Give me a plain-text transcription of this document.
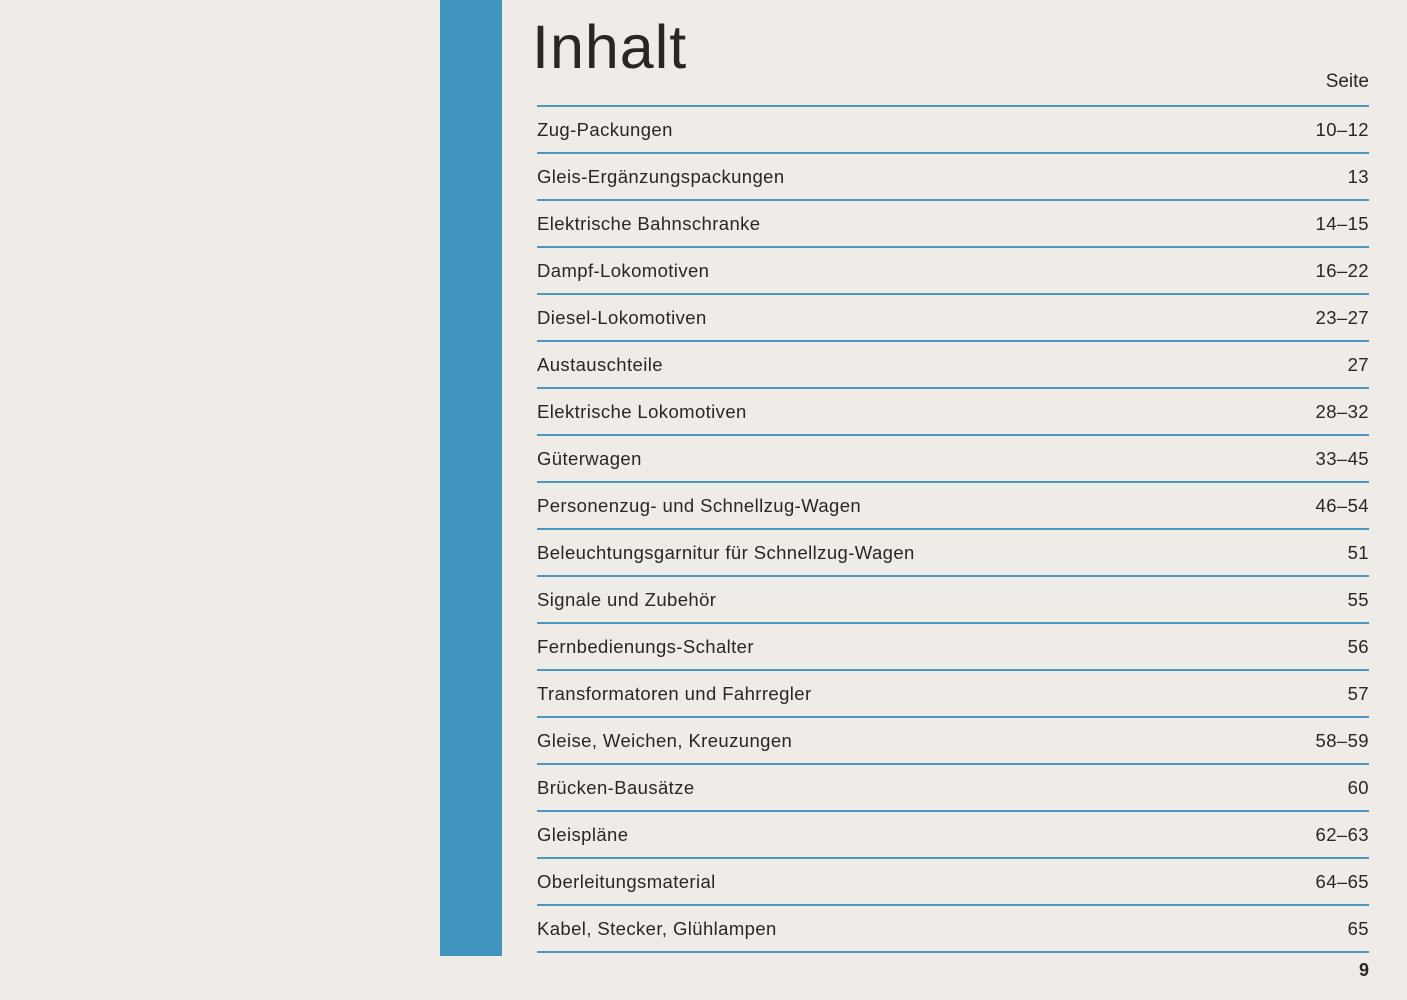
Inhalt
Seite
Zug-Packungen	10–12
Gleis-Ergänzungspackungen	13
Elektrische Bahnschranke	14–15
Dampf-Lokomotiven	16–22
Diesel-Lokomotiven	23–27
Austauschteile	27
Elektrische Lokomotiven	28–32
Güterwagen	33–45
Personenzug- und Schnellzug-Wagen	46–54
Beleuchtungsgarnitur für Schnellzug-Wagen	51
Signale und Zubehör	55
Fernbedienungs-Schalter	56
Transformatoren und Fahrregler	57
Gleise, Weichen, Kreuzungen	58–59
Brücken-Bausätze	60
Gleispläne	62–63
Oberleitungsmaterial	64–65
Kabel, Stecker, Glühlampen	65
9
